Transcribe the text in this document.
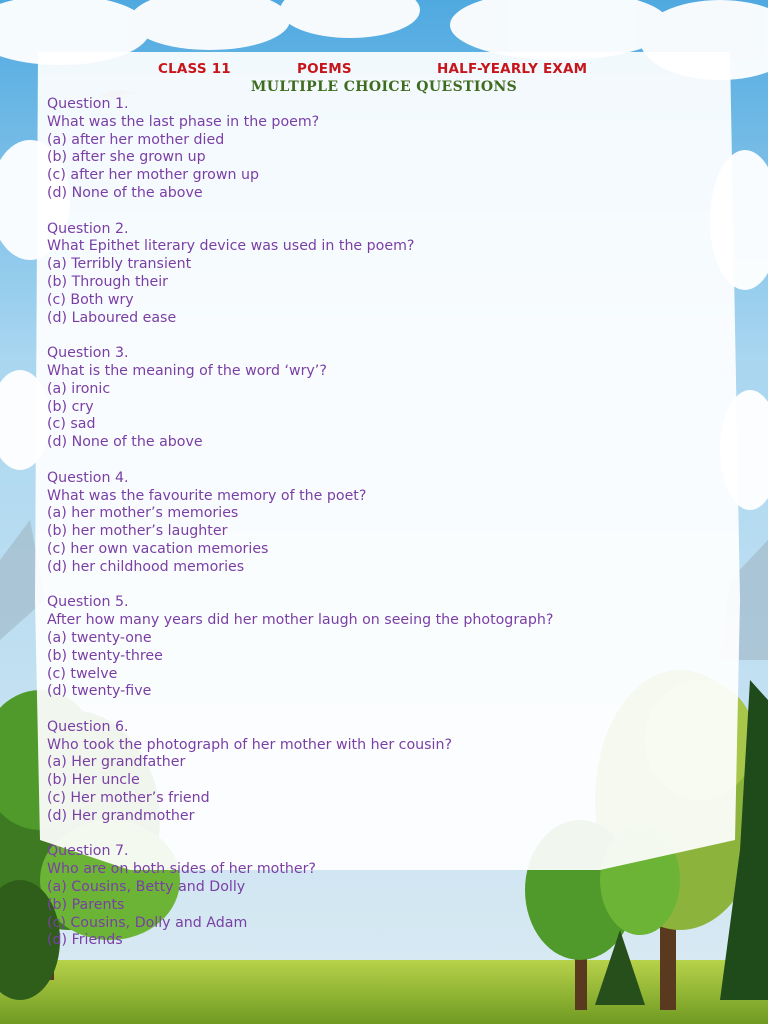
CLASS 11	POEMS	HALF-YEARLY EXAM
MULTIPLE CHOICE QUESTIONS
Question 1.
What was the last phase in the poem?
(a) after her mother died
(b) after she grown up
(c) after her mother grown up
(d) None of the above
Question 2.
What Epithet literary device was used in the poem?
(a) Terribly transient
(b) Through their
(c) Both wry
(d) Laboured ease
Question 3.
What is the meaning of the word ‘wry’?
(a) ironic
(b) cry
(c) sad
(d) None of the above
Question 4.
What was the favourite memory of the poet?
(a) her mother’s memories
(b) her mother’s laughter
(c) her own vacation memories
(d) her childhood memories
Question 5.
After how many years did her mother laugh on seeing the photograph?
(a) twenty-one
(b) twenty-three
(c) twelve
(d) twenty-five
Question 6.
Who took the photograph of her mother with her cousin?
(a) Her grandfather
(b) Her uncle
(c) Her mother’s friend
(d) Her grandmother
Question 7.
Who are on both sides of her mother?
(a) Cousins, Betty and Dolly
(b) Parents
(c) Cousins, Dolly and Adam
(d) Friends
